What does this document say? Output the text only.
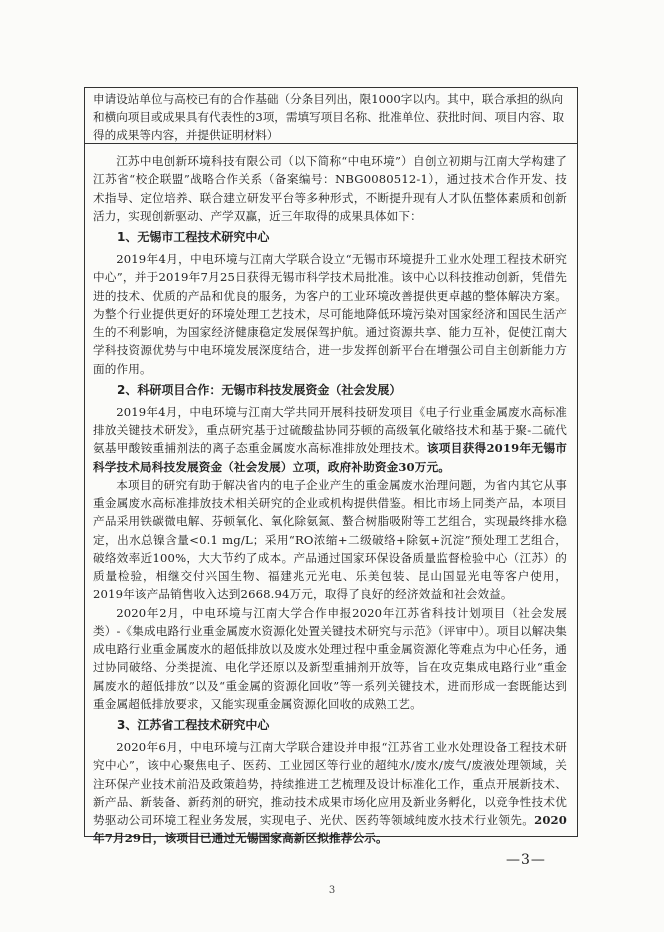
申请设站单位与高校已有的合作基础（分条目列出，限1000字以内。其中，联合承担的纵向和横向项目或成果具有代表性的3项，需填写项目名称、批准单位、获批时间、项目内容、取得的成果等内容，并提供证明材料）

江苏中电创新环境科技有限公司（以下简称“中电环境”）自创立初期与江南大学构建了江苏省“校企联盟”战略合作关系（备案编号：NBG0080512-1），通过技术合作开发、技术指导、定位培养、联合建立研发平台等多种形式，不断提升现有人才队伍整体素质和创新活力，实现创新驱动、产学双赢，近三年取得的成果具体如下：

1、无锡市工程技术研究中心

2019年4月，中电环境与江南大学联合设立“无锡市环境提升工业水处理工程技术研究中心”，并于2019年7月25日获得无锡市科学技术局批准。该中心以科技推动创新，凭借先进的技术、优质的产品和优良的服务，为客户的工业环境改善提供更卓越的整体解决方案。为整个行业提供更好的环境处理工艺技术，尽可能地降低环境污染对国家经济和国民生活产生的不利影响，为国家经济健康稳定发展保驾护航。通过资源共享、能力互补，促使江南大学科技资源优势与中电环境发展深度结合，进一步发挥创新平台在增强公司自主创新能力方面的作用。

2、科研项目合作：无锡市科技发展资金（社会发展）

2019年4月，中电环境与江南大学共同开展科技研发项目《电子行业重金属废水高标准排放关键技术研发》，重点研究基于过硫酸盐协同芬顿的高级氧化破络技术和基于聚-二硫代氨基甲酸铵重捕剂法的离子态重金属废水高标准排放处理技术。该项目获得2019年无锡市科学技术局科技发展资金（社会发展）立项，政府补助资金30万元。

本项目的研究有助于解决省内的电子企业产生的重金属废水治理问题，为省内其它从事重金属废水高标准排放技术相关研究的企业或机构提供借鉴。相比市场上同类产品，本项目产品采用铁碳微电解、芬顿氧化、氧化除氨氮、螯合树脂吸附等工艺组合，实现最终排水稳定，出水总镍含量<0.1 mg/L；采用“RO浓缩+二级破络+除氨+沉淀”预处理工艺组合，破络效率近100%，大大节约了成本。产品通过国家环保设备质量监督检验中心（江苏）的质量检验，相继交付兴国生物、福建兆元光电、乐美包装、昆山国显光电等客户使用，2019年该产品销售收入达到2668.94万元，取得了良好的经济效益和社会效益。

2020年2月，中电环境与江南大学合作申报2020年江苏省科技计划项目（社会发展类）-《集成电路行业重金属废水资源化处置关键技术研究与示范》（评审中）。项目以解决集成电路行业重金属废水的超低排放以及废水处理过程中重金属资源化等难点为中心任务，通过协同破络、分类提流、电化学还原以及新型重捕剂开放等，旨在攻克集成电路行业“重金属废水的超低排放”以及“重金属的资源化回收”等一系列关键技术，进而形成一套既能达到重金属超低排放要求，又能实现重金属资源化回收的成熟工艺。

3、江苏省工程技术研究中心

2020年6月，中电环境与江南大学联合建设并申报“江苏省工业水处理设备工程技术研究中心”，该中心聚焦电子、医药、工业园区等行业的超纯水/废水/废气/废液处理领域，关注环保产业技术前沿及政策趋势，持续推进工艺梳理及设计标准化工作，重点开展新技术、新产品、新装备、新药剂的研究，推动技术成果市场化应用及新业务孵化，以竞争性技术优势驱动公司环境工程业务发展，实现电子、光伏、医药等领域纯废水技术行业领先。2020年7月29日，该项目已通过无锡国家高新区拟推荐公示。

—3—
3
